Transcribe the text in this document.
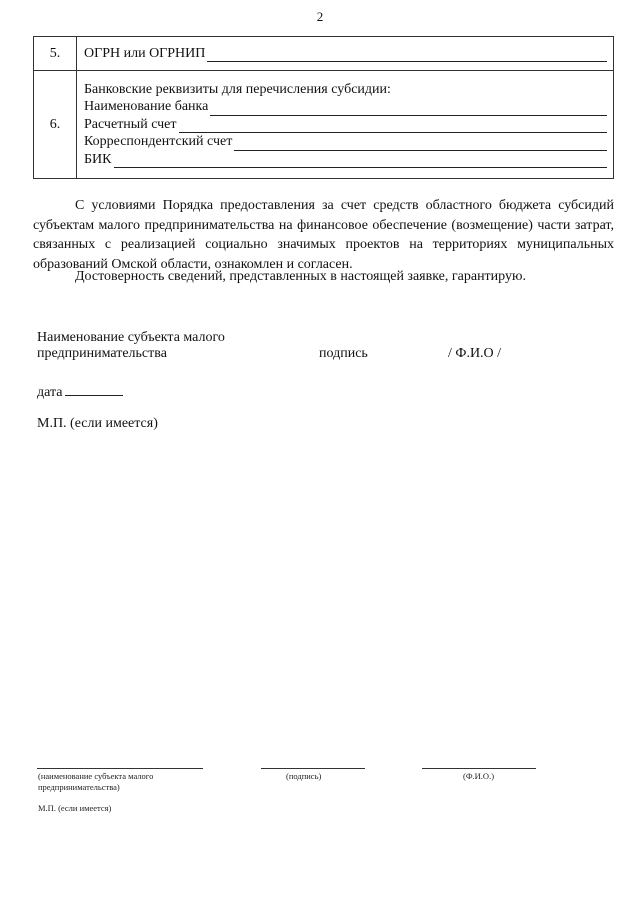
2
5.	ОГРН или ОГРНИП

6.	Банковские реквизиты для перечисления субсидии:
Наименование банка
Расчетный счет
Корреспондентский счет
БИК

С условиями Порядка предоставления за счет средств областного бюджета субсидий субъектам малого предпринимательства на финансовое обеспечение (возмещение) части затрат, связанных с реализацией социально значимых проектов на территориях муниципальных образований Омской области, ознакомлен и согласен.

Достоверность сведений, представленных в настоящей заявке, гарантирую.

Наименование субъекта малого
предпринимательства	подпись	/ Ф.И.О /
дата
М.П. (если имеется)
(наименование субъекта малого
предпринимательства)
(подпись)	(Ф.И.О.)
М.П. (если имеется)
